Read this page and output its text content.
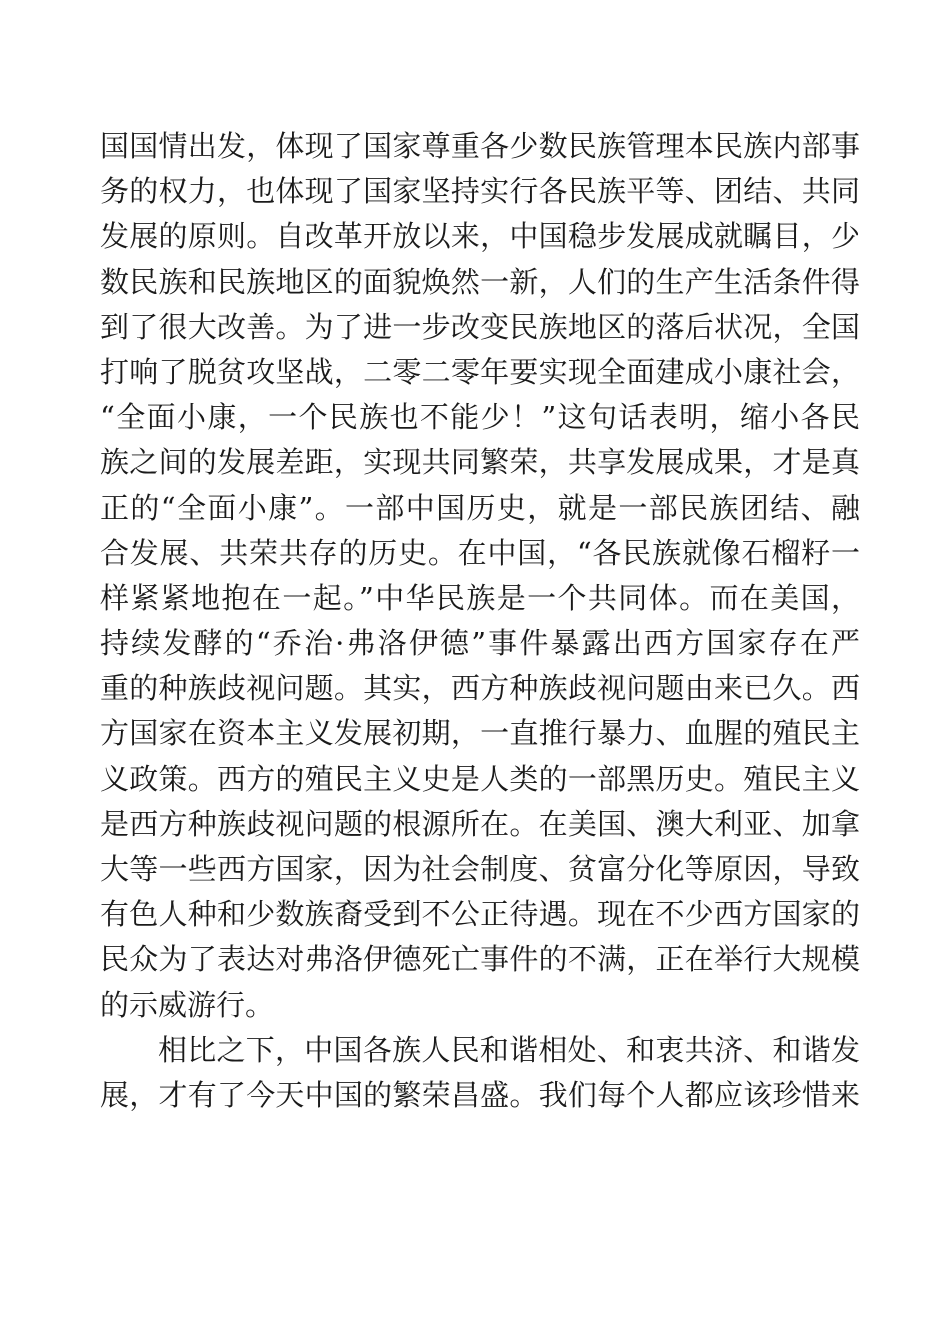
国国情出发，体现了国家尊重各少数民族管理本民族内部事
务的权力，也体现了国家坚持实行各民族平等、团结、共同
发展的原则。自改革开放以来，中国稳步发展成就瞩目，少
数民族和民族地区的面貌焕然一新，人们的生产生活条件得
到了很大改善。为了进一步改变民族地区的落后状况，全国
打响了脱贫攻坚战，二零二零年要实现全面建成小康社会，
“全面小康，一个民族也不能少！”这句话表明，缩小各民
族之间的发展差距，实现共同繁荣，共享发展成果，才是真
正的“全面小康”。一部中国历史，就是一部民族团结、融
合发展、共荣共存的历史。在中国，“各民族就像石榴籽一
样紧紧地抱在一起。”中华民族是一个共同体。而在美国，
持续发酵的“乔治·弗洛伊德”事件暴露出西方国家存在严
重的种族歧视问题。其实，西方种族歧视问题由来已久。西
方国家在资本主义发展初期，一直推行暴力、血腥的殖民主
义政策。西方的殖民主义史是人类的一部黑历史。殖民主义
是西方种族歧视问题的根源所在。在美国、澳大利亚、加拿
大等一些西方国家，因为社会制度、贫富分化等原因，导致
有色人种和少数族裔受到不公正待遇。现在不少西方国家的
民众为了表达对弗洛伊德死亡事件的不满，正在举行大规模
的示威游行。
相比之下，中国各族人民和谐相处、和衷共济、和谐发
展，才有了今天中国的繁荣昌盛。我们每个人都应该珍惜来
